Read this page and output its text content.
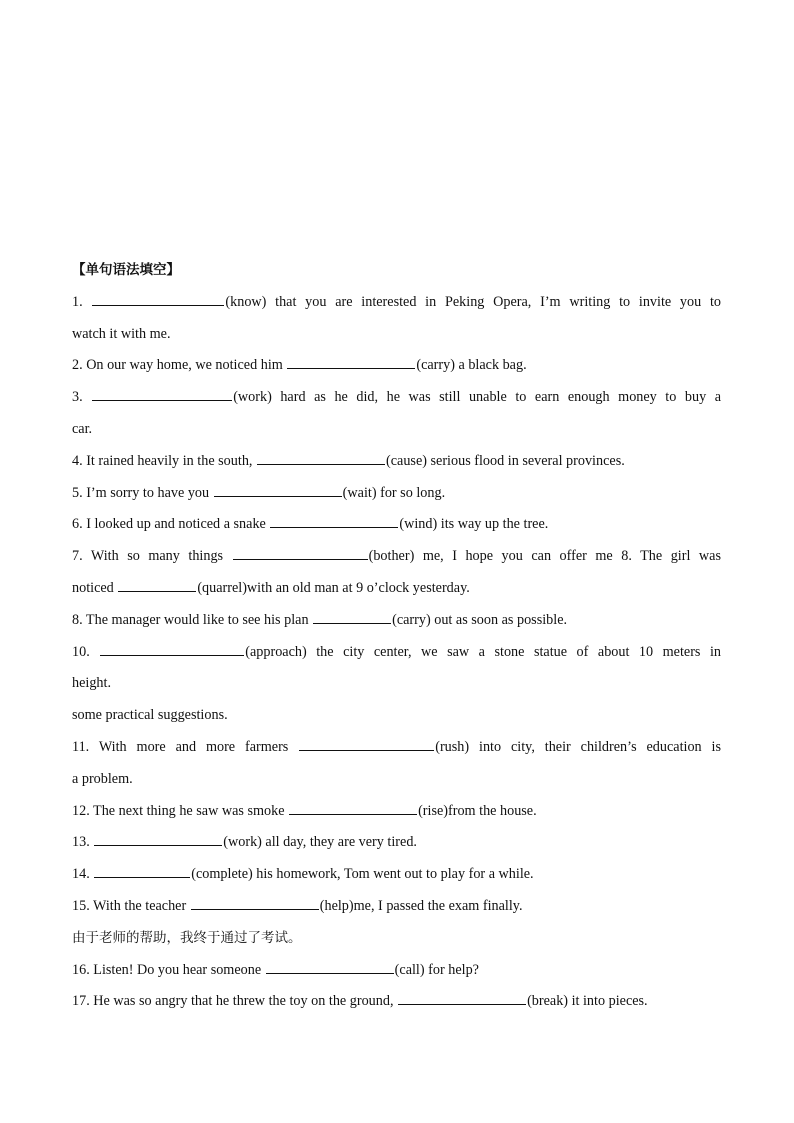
【单句语法填空】
1.	(know) that you are interested in Peking Opera, I’m writing to invite you to
watch it with me.
2. On our way home, we noticed him	(carry) a black bag.
3.	(work) hard as he did, he was still unable to earn enough money to buy a
car.
4. It rained heavily in the south,	(cause) serious flood in several provinces.
5. I’m sorry to have you	(wait) for so long.
6. I looked up and noticed a snake	(wind) its way up the tree.
7. With so many things	(bother) me, I hope you can offer me 8. The girl was
noticed	(quarrel)with an old man at 9 o’clock yesterday.
8. The manager would like to see his plan	(carry) out as soon as possible.
10.	(approach) the city center, we saw a stone statue of about 10 meters in
height.
some practical suggestions.
11. With more and more farmers	(rush) into city, their children’s education is
a problem.
12. The next thing he saw was smoke	(rise)from the house.
13.	(work) all day, they are very tired.
14.	(complete) his homework, Tom went out to play for a while.
15. With the teacher	(help)me, I passed the exam finally.
由于老师的帮助，我终于通过了考试。
16. Listen! Do you hear someone	(call) for help?
17. He was so angry that he threw the toy on the ground,	(break) it into pieces.
